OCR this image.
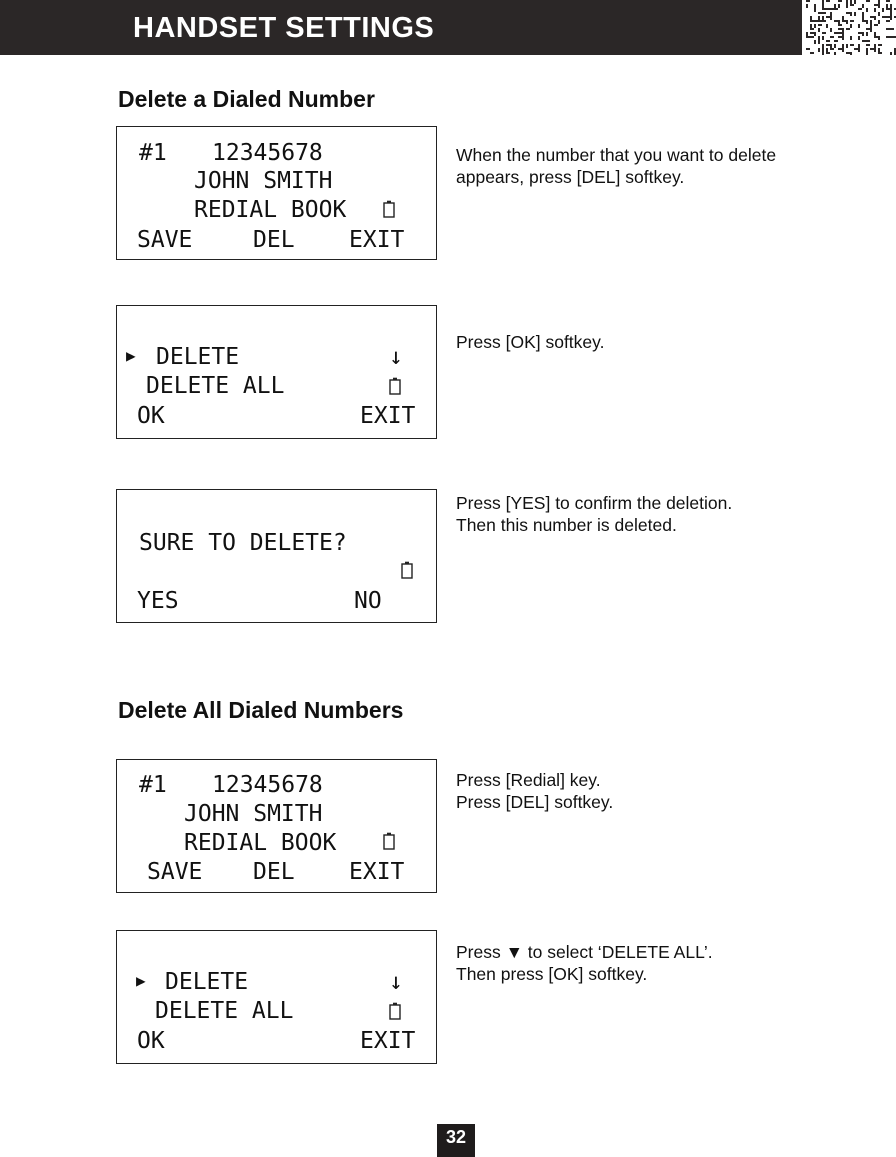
HANDSET SETTINGS
Delete a Dialed Number
#1 12345678
JOHN SMITH
REDIAL BOOK
SAVE	DEL EXIT
When the number that you want to delete
appears, press [DEL] softkey.
▶ DELETE	↓
DELETE ALL
OK	EXIT
Press [OK] softkey.
SURE TO DELETE?
YES	NO
Press [YES] to confirm the deletion.
Then this number is deleted.
Delete All Dialed Numbers
#1 12345678
JOHN SMITH
REDIAL BOOK
SAVE DEL EXIT
Press [Redial] key.
Press [DEL] softkey.
▶ DELETE	↓
DELETE ALL
OK	EXIT
Press ▼ to select ‘DELETE ALL’.
Then press [OK] softkey.
32
